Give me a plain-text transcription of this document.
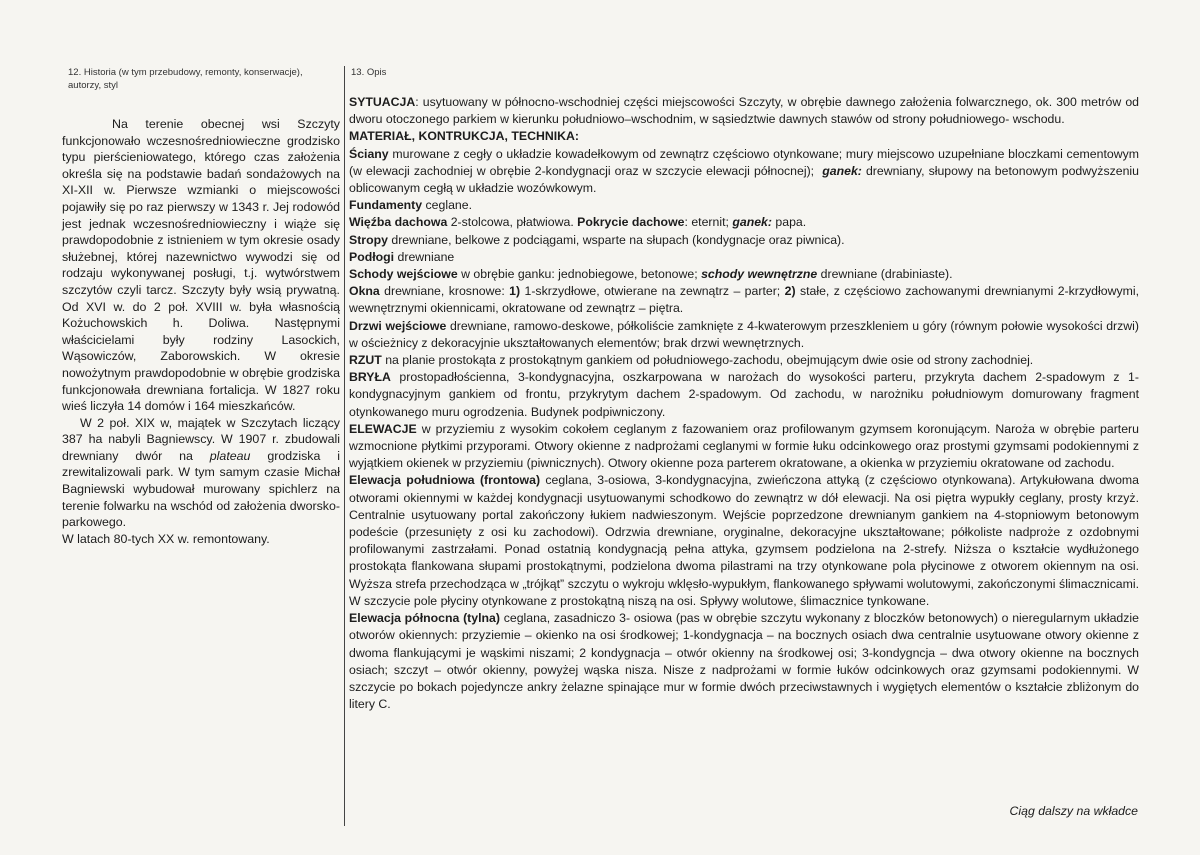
12. Historia (w tym przebudowy, remonty, konserwacje), autorzy, styl

Na terenie obecnej wsi Szczyty funkcjonowało wczesnośredniowieczne grodzisko typu pierścieniowatego, którego czas założenia określa się na podstawie badań sondażowych na XI-XII w. Pierwsze wzmianki o miejscowości pojawiły się po raz pierwszy w 1343 r. Jej rodowód jest jednak wczesnośredniowieczny i wiąże się prawdopodobnie z istnieniem w tym okresie osady służebnej, której nazewnictwo wywodzi się od rodzaju wykonywanej posługi, t.j. wytwórstwem szczytów czyli tarcz. Szczyty były wsią prywatną. Od XVI w. do 2 poł. XVIII w. była własnością Kożuchowskich h. Doliwa. Następnymi właścicielami były rodziny Lasockich, Wąsowiczów, Zaborowskich. W okresie nowożytnym prawdopodobnie w obrębie grodziska funkcjonowała drewniana fortalicja. W 1827 roku wieś liczyła 14 domów i 164 mieszkańców.

W 2 poł. XIX w, majątek w Szczytach liczący 387 ha nabyli Bagniewscy. W 1907 r. zbudowali drewniany dwór na plateau grodziska i zrewitalizowali park. W tym samym czasie Michał Bagniewski wybudował murowany spichlerz na terenie folwarku na wschód od założenia dworsko- parkowego.

W latach 80-tych XX w. remontowany.

13. Opis

SYTUACJA: usytuowany w północno-wschodniej części miejscowości Szczyty, w obrębie dawnego założenia folwarcznego, ok. 300 metrów od dworu otoczonego parkiem w kierunku południowo–wschodnim, w sąsiedztwie dawnych stawów od strony południowego- wschodu.

MATERIAŁ, KONTRUKCJA, TECHNIKA:

Ściany murowane z cegły o układzie kowadełkowym od zewnątrz częściowo otynkowane; mury miejscowo uzupełniane bloczkami cementowym (w elewacji zachodniej w obrębie 2-kondygnacji oraz w szczycie elewacji północnej); ganek: drewniany, słupowy na betonowym podwyższeniu oblicowanym cegłą w układzie wozówkowym.

Fundamenty ceglane.

Więźba dachowa 2-stolcowa, płatwiowa. Pokrycie dachowe: eternit; ganek: papa.

Stropy drewniane, belkowe z podciągami, wsparte na słupach (kondygnacje oraz piwnica).

Podłogi drewniane

Schody wejściowe w obrębie ganku: jednobiegowe, betonowe; schody wewnętrzne drewniane (drabiniaste).

Okna drewniane, krosnowe: 1) 1-skrzydłowe, otwierane na zewnątrz – parter; 2) stałe, z częściowo zachowanymi drewnianymi 2-krzydłowymi, wewnętrznymi okiennicami, okratowane od zewnątrz – piętra.

Drzwi wejściowe drewniane, ramowo-deskowe, półkoliście zamknięte z 4-kwaterowym przeszkleniem u góry (równym połowie wysokości drzwi) w ościeżnicy z dekoracyjnie ukształtowanych elementów; brak drzwi wewnętrznych.

RZUT na planie prostokąta z prostokątnym gankiem od południowego-zachodu, obejmującym dwie osie od strony zachodniej.

BRYŁA prostopadłościenna, 3-kondygnacyjna, oszkarpowana w narożach do wysokości parteru, przykryta dachem 2-spadowym z 1-kondygnacyjnym gankiem od frontu, przykrytym dachem 2-spadowym. Od zachodu, w narożniku południowym domurowany fragment otynkowanego muru ogrodzenia. Budynek podpiwniczony.

ELEWACJE w przyziemiu z wysokim cokołem ceglanym z fazowaniem oraz profilowanym gzymsem koronującym. Naroża w obrębie parteru wzmocnione płytkimi przyporami. Otwory okienne z nadprożami ceglanymi w formie łuku odcinkowego oraz prostymi gzymsami podokiennymi z wyjątkiem okienek w przyziemiu (piwnicznych). Otwory okienne poza parterem okratowane, a okienka w przyziemiu okratowane od zachodu.

Elewacja południowa (frontowa) ceglana, 3-osiowa, 3-kondygnacyjna, zwieńczona attyką (z częściowo otynkowana). Artykułowana dwoma otworami okiennymi w każdej kondygnacji usytuowanymi schodkowo do zewnątrz w dół elewacji. Na osi piętra wypukły ceglany, prosty krzyż. Centralnie usytuowany portal zakończony łukiem nadwieszonym. Wejście poprzedzone drewnianym gankiem na 4-stopniowym betonowym podeście (przesunięty z osi ku zachodowi). Odrzwia drewniane, oryginalne, dekoracyjne ukształtowane; półkoliste nadproże z ozdobnymi profilowanymi zastrzałami. Ponad ostatnią kondygnacją pełna attyka, gzymsem podzielona na 2-strefy. Niższa o kształcie wydłużonego prostokąta flankowana słupami prostokątnymi, podzielona dwoma pilastrami na trzy otynkowane pola płycinowe z otworem okiennym na osi. Wyższa strefa przechodząca w „trójkąt” szczytu o wykroju wklęsło-wypukłym, flankowanego spływami wolutowymi, zakończonymi ślimacznicami. W szczycie pole płyciny otynkowane z prostokątną niszą na osi. Spływy wolutowe, ślimacznice tynkowane.

Elewacja północna (tylna) ceglana, zasadniczo 3- osiowa (pas w obrębie szczytu wykonany z bloczków betonowych) o nieregularnym układzie otworów okiennych: przyziemie – okienko na osi środkowej; 1-kondygnacja – na bocznych osiach dwa centralnie usytuowane otwory okienne z dwoma flankującymi je wąskimi niszami; 2 kondygnacja – otwór okienny na środkowej osi; 3-kondygncja – dwa otwory okienne na bocznych osiach; szczyt – otwór okienny, powyżej wąska nisza. Nisze z nadprożami w formie łuków odcinkowych oraz gzymsami podokiennymi. W szczycie po bokach pojedyncze ankry żelazne spinające mur w formie dwóch przeciwstawnych i wygiętych elementów o kształcie zbliżonym do litery C.

Ciąg dalszy na wkładce
